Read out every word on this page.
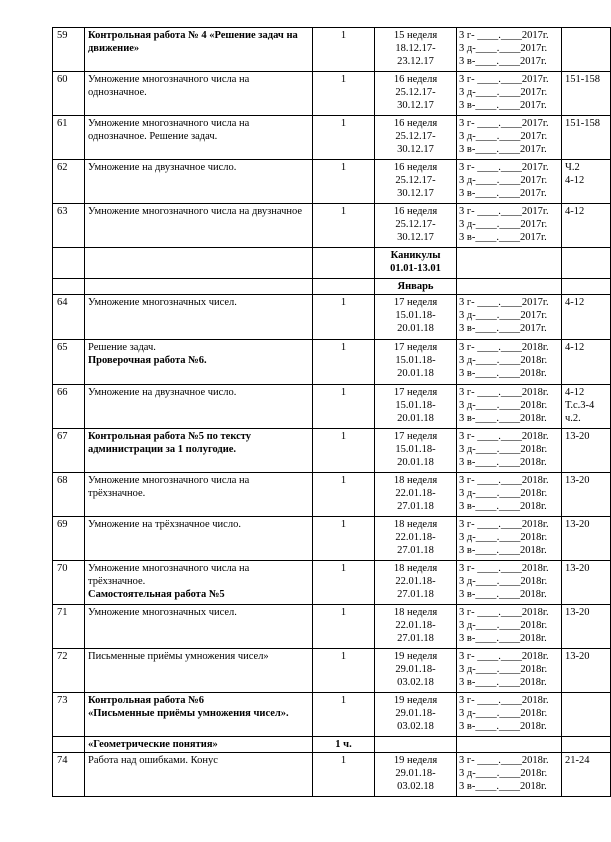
59	Контрольная работа № 4 «Решение задач на движение»	1	15 неделя
18.12.17-
23.12.17	3 г- ____.____2017г.
3 д-____.____2017г.
3 в-____.____2017г.	

60	Умножение многозначного числа на однозначное.	1	16 неделя
25.12.17-
30.12.17	3 г- ____.____2017г.
3 д-____.____2017г.
3 в-____.____2017г.	151-158

61	Умножение многозначного числа на однозначное. Решение задач.	1	16 неделя
25.12.17-
30.12.17	3 г- ____.____2017г.
3 д-____.____2017г.
3 в-____.____2017г.	151-158

62	Умножение на двузначное число.	1	16 неделя
25.12.17-
30.12.17	3 г- ____.____2017г.
3 д-____.____2017г.
3 в-____.____2017г.	Ч.2
4-12

63	Умножение многозначного числа на двузначное	1	16 неделя
25.12.17-
30.12.17	3 г- ____.____2017г.
3 д-____.____2017г.
3 в-____.____2017г.	4-12

			Каникулы
01.01-13.01		

			Январь		

64	Умножение многозначных чисел.	1	17 неделя
15.01.18-
20.01.18	3 г- ____.____2017г.
3 д-____.____2017г.
3 в-____.____2017г.	4-12

65	Решение задач.
Проверочная работа №6.	1	17 неделя
15.01.18-
20.01.18	3 г- ____.____2018г.
3 д-____.____2018г.
3 в-____.____2018г.	4-12

66	Умножение на двузначное число.	1	17 неделя
15.01.18-
20.01.18	3 г- ____.____2018г.
3 д-____.____2018г.
3 в-____.____2018г.	4-12
Т.с.3-4
ч.2.

67	Контрольная работа №5 по тексту администрации за 1 полугодие.	1	17 неделя
15.01.18-
20.01.18	3 г- ____.____2018г.
3 д-____.____2018г.
3 в-____.____2018г.	13-20

68	Умножение многозначного числа на трёхзначное.	1	18 неделя
22.01.18-
27.01.18	3 г- ____.____2018г.
3 д-____.____2018г.
3 в-____.____2018г.	13-20

69	Умножение на трёхзначное число.	1	18 неделя
22.01.18-
27.01.18	3 г- ____.____2018г.
3 д-____.____2018г.
3 в-____.____2018г.	13-20

70	Умножение многозначного числа на трёхзначное.
Самостоятельная работа №5	1	18 неделя
22.01.18-
27.01.18	3 г- ____.____2018г.
3 д-____.____2018г.
3 в-____.____2018г.	13-20

71	Умножение многозначных чисел.	1	18 неделя
22.01.18-
27.01.18	3 г- ____.____2018г.
3 д-____.____2018г.
3 в-____.____2018г.	13-20

72	Письменные приёмы умножения чисел»	1	19 неделя
29.01.18-
03.02.18	3 г- ____.____2018г.
3 д-____.____2018г.
3 в-____.____2018г.	13-20

73	Контрольная работа №6
«Письменные приёмы умножения чисел».	1	19 неделя
29.01.18-
03.02.18	3 г- ____.____2018г.
3 д-____.____2018г.
3 в-____.____2018г.	

	«Геометрические понятия»	1 ч.			
74	Работа над ошибками. Конус	1	19 неделя
29.01.18-
03.02.18	3 г- ____.____2018г.
3 д-____.____2018г.
3 в-____.____2018г.	21-24
